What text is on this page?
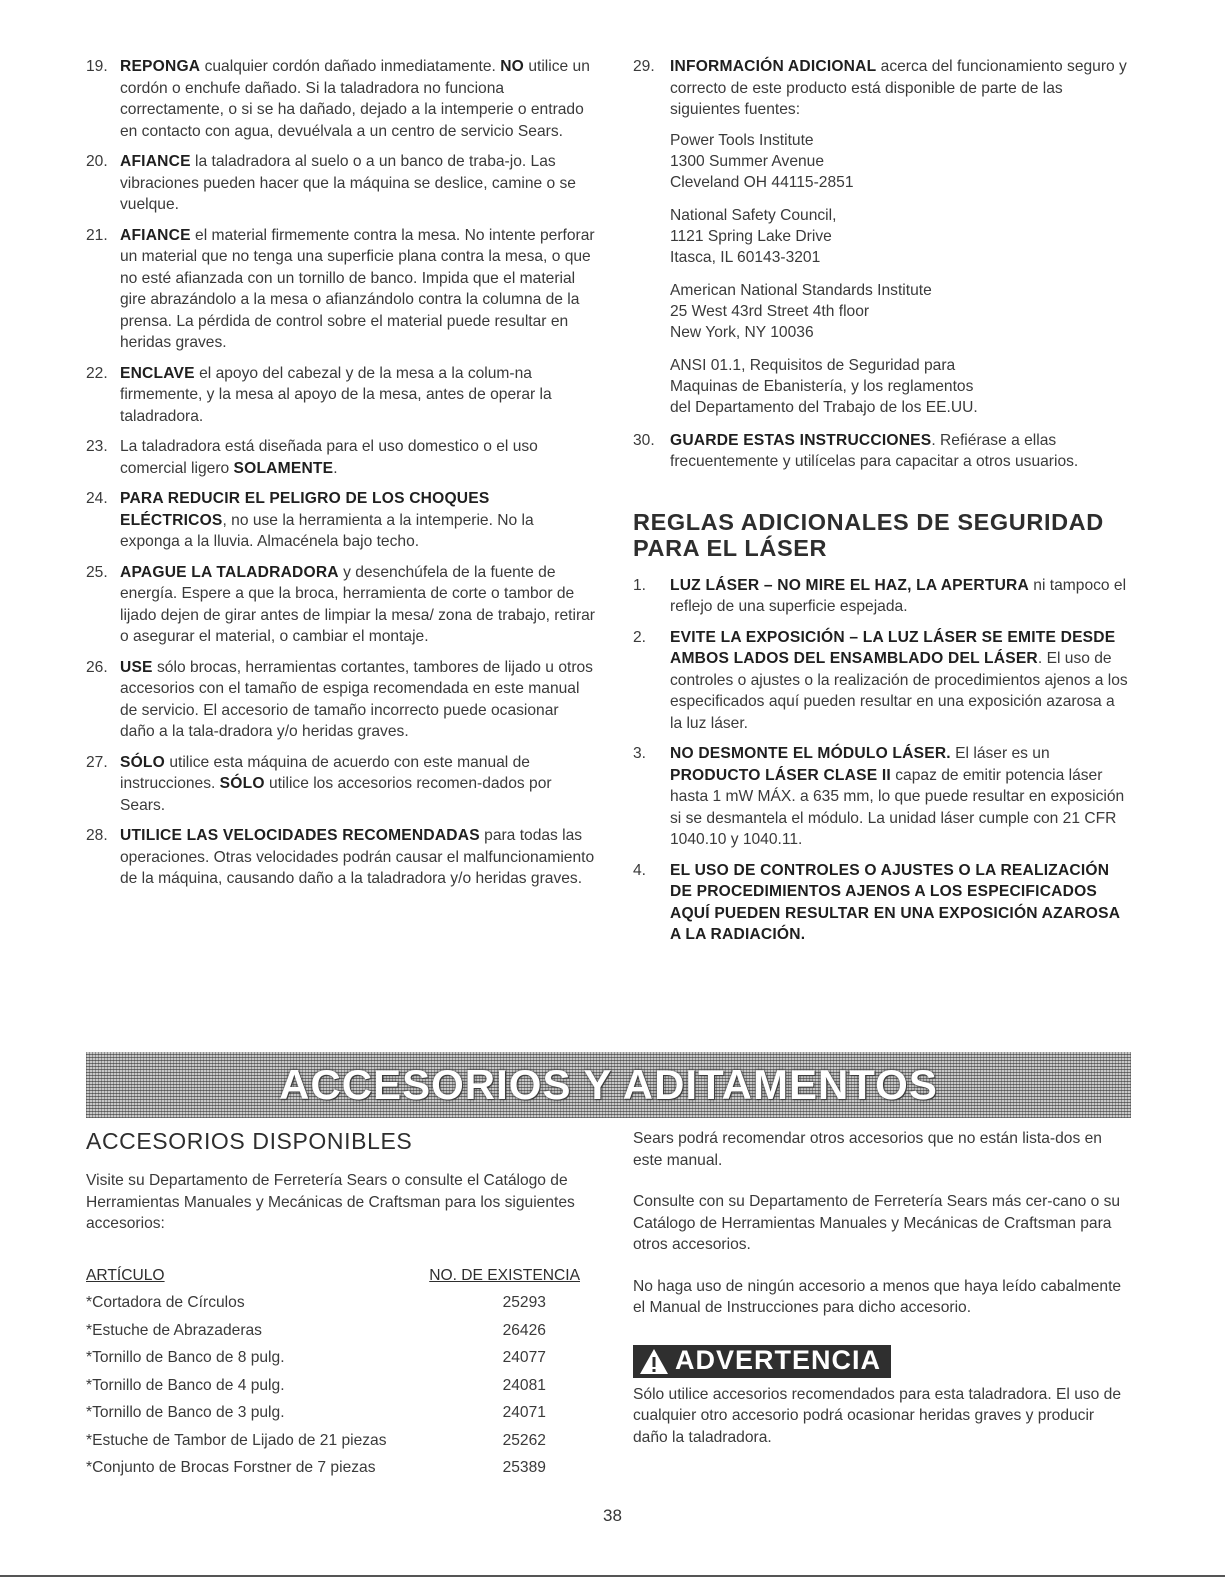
19. REPONGA cualquier cordón dañado inmediatamente. NO utilice un cordón o enchufe dañado. Si la taladradora no funciona correctamente, o si se ha dañado, dejado a la intemperie o entrado en contacto con agua, devuélvala a un centro de servicio Sears.
20. AFIANCE la taladradora al suelo o a un banco de traba-jo. Las vibraciones pueden hacer que la máquina se deslice, camine o se vuelque.
21. AFIANCE el material firmemente contra la mesa. No intente perforar un material que no tenga una superficie plana contra la mesa, o que no esté afianzada con un tornillo de banco. Impida que el material gire abrazándolo a la mesa o afianzándolo contra la columna de la prensa. La pérdida de control sobre el material puede resultar en heridas graves.
22. ENCLAVE el apoyo del cabezal y de la mesa a la colum-na firmemente, y la mesa al apoyo de la mesa, antes de operar la taladradora.
23. La taladradora está diseñada para el uso domestico o el uso comercial ligero SOLAMENTE.
24. PARA REDUCIR EL PELIGRO DE LOS CHOQUES ELÉCTRICOS, no use la herramienta a la intemperie. No la exponga a la lluvia. Almacénela bajo techo.
25. APAGUE LA TALADRADORA y desenchúfela de la fuente de energía. Espere a que la broca, herramienta de corte o tambor de lijado dejen de girar antes de limpiar la mesa/ zona de trabajo, retirar o asegurar el material, o cambiar el montaje.
26. USE sólo brocas, herramientas cortantes, tambores de lijado u otros accesorios con el tamaño de espiga recomendada en este manual de servicio. El accesorio de tamaño incorrecto puede ocasionar daño a la tala-dradora y/o heridas graves.
27. SÓLO utilice esta máquina de acuerdo con este manual de instrucciones. SÓLO utilice los accesorios recomen-dados por Sears.
28. UTILICE LAS VELOCIDADES RECOMENDADAS para todas las operaciones. Otras velocidades podrán causar el malfuncionamiento de la máquina, causando daño a la taladradora y/o heridas graves.
29. INFORMACIÓN ADICIONAL acerca del funcionamiento seguro y correcto de este producto está disponible de parte de las siguientes fuentes:

Power Tools Institute
1300 Summer Avenue
Cleveland OH 44115-2851

National Safety Council,
1121 Spring Lake Drive
Itasca, IL 60143-3201

American National Standards Institute
25 West 43rd Street 4th floor
New York, NY 10036

ANSI 01.1, Requisitos de Seguridad para
Maquinas de Ebanistería, y los reglamentos
del Departamento del Trabajo de los EE.UU.

30. GUARDE ESTAS INSTRUCCIONES. Refiérase a ellas frecuentemente y utilícelas para capacitar a otros usuarios.
REGLAS ADICIONALES DE SEGURIDAD
PARA EL LÁSER
1.	LUZ LÁSER – NO MIRE EL HAZ, LA APERTURA ni tampoco el reflejo de una superficie espejada.
2.	EVITE LA EXPOSICIÓN – LA LUZ LÁSER SE EMITE DESDE AMBOS LADOS DEL ENSAMBLADO DEL LÁSER. El uso de controles o ajustes o la realización de procedimientos ajenos a los especificados aquí pueden resultar en una exposición azarosa a la luz láser.
3.	NO DESMONTE EL MÓDULO LÁSER. El láser es un PRODUCTO LÁSER CLASE II capaz de emitir potencia láser hasta 1 mW MÁX. a 635 mm, lo que puede resultar en exposición si se desmantela el módulo. La unidad láser cumple con 21 CFR 1040.10 y 1040.11.
4.	EL USO DE CONTROLES O AJUSTES O LA REALIZACIÓN DE PROCEDIMIENTOS AJENOS A LOS ESPECIFICADOS AQUÍ PUEDEN RESULTAR EN UNA EXPOSICIÓN AZAROSA A LA RADIACIÓN.
ACCESORIOS Y ADITAMENTOS
ACCESORIOS DISPONIBLES

Visite su Departamento de Ferretería Sears o consulte el Catálogo de Herramientas Manuales y Mecánicas de Craftsman para los siguientes accesorios:

ARTÍCULO	NO. DE EXISTENCIA
*Cortadora de Círculos	25293
*Estuche de Abrazaderas	26426
*Tornillo de Banco de 8 pulg.	24077
*Tornillo de Banco de 4 pulg.	24081
*Tornillo de Banco de 3 pulg.	24071
*Estuche de Tambor de Lijado de 21 piezas	25262
*Conjunto de Brocas Forstner de 7 piezas	25389

Sears podrá recomendar otros accesorios que no están lista-dos en este manual.

Consulte con su Departamento de Ferretería Sears más cer-cano o su Catálogo de Herramientas Manuales y Mecánicas de Craftsman para otros accesorios.

No haga uso de ningún accesorio a menos que haya leído cabalmente el Manual de Instrucciones para dicho accesorio.

ADVERTENCIA

Sólo utilice accesorios recomendados para esta taladradora. El uso de cualquier otro accesorio podrá ocasionar heridas graves y producir daño la taladradora.

38
